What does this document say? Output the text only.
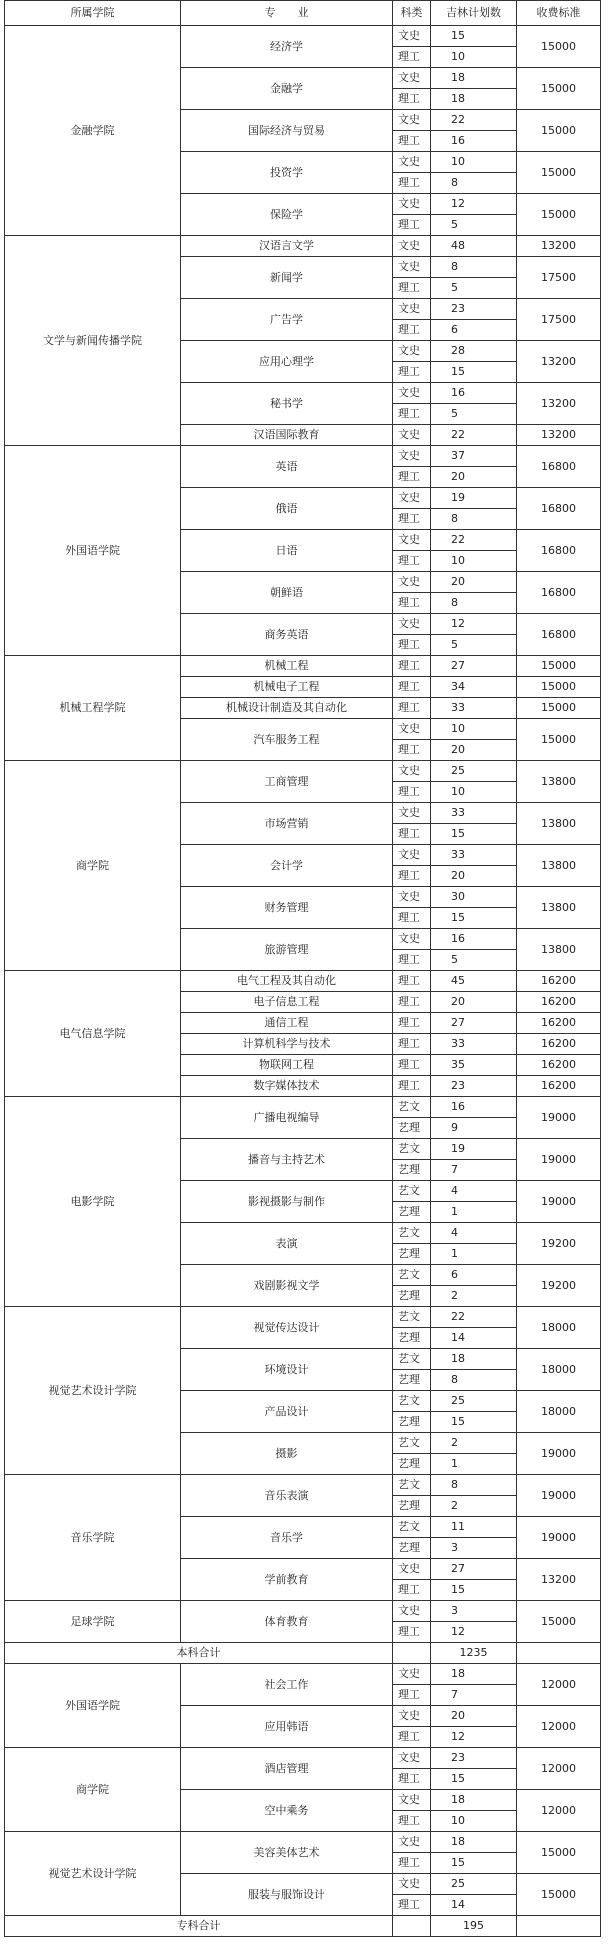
所属学院	专　　业	科类	吉林计划数	收费标准
金融学院	经济学	文史	15	15000
		理工	10	
	金融学	文史	18	15000
		理工	18	
	国际经济与贸易	文史	22	15000
		理工	16	
	投资学	文史	10	15000
		理工	8	
	保险学	文史	12	15000
		理工	5	
文学与新闻传播学院	汉语言文学	文史	48	13200
	新闻学	文史	8	17500
		理工	5	
	广告学	文史	23	17500
		理工	6	
	应用心理学	文史	28	13200
		理工	15	
	秘书学	文史	16	13200
		理工	5	
	汉语国际教育	文史	22	13200
外国语学院	英语	文史	37	16800
		理工	20	
	俄语	文史	19	16800
		理工	8	
	日语	文史	22	16800
		理工	10	
	朝鲜语	文史	20	16800
		理工	8	
	商务英语	文史	12	16800
		理工	5	
机械工程学院	机械工程	理工	27	15000
	机械电子工程	理工	34	15000
	机械设计制造及其自动化	理工	33	15000
	汽车服务工程	文史	10	15000
		理工	20	
商学院	工商管理	文史	25	13800
		理工	10	
	市场营销	文史	33	13800
		理工	15	
	会计学	文史	33	13800
		理工	20	
	财务管理	文史	30	13800
		理工	15	
	旅游管理	文史	16	13800
		理工	5	
电气信息学院	电气工程及其自动化	理工	45	16200
	电子信息工程	理工	20	16200
	通信工程	理工	27	16200
	计算机科学与技术	理工	33	16200
	物联网工程	理工	35	16200
	数字媒体技术	理工	23	16200
电影学院	广播电视编导	艺文	16	19000
		艺理	9	
	播音与主持艺术	艺文	19	19000
		艺理	7	
	影视摄影与制作	艺文	4	19000
		艺理	1	
	表演	艺文	4	19200
		艺理	1	
	戏剧影视文学	艺文	6	19200
		艺理	2	
视觉艺术设计学院	视觉传达设计	艺文	22	18000
		艺理	14	
	环境设计	艺文	18	18000
		艺理	8	
	产品设计	艺文	25	18000
		艺理	15	
	摄影	艺文	2	19000
		艺理	1	
音乐学院	音乐表演	艺文	8	19000
		艺理	2	
	音乐学	艺文	11	19000
		艺理	3	
	学前教育	文史	27	13200
		理工	15	
足球学院	体育教育	文史	3	15000
		理工	12	
本科合计			1235	
外国语学院	社会工作	文史	18	12000
		理工	7	
	应用韩语	文史	20	12000
		理工	12	
商学院	酒店管理	文史	23	12000
		理工	15	
	空中乘务	文史	18	12000
		理工	10	
视觉艺术设计学院	美容美体艺术	文史	18	15000
		理工	15	
	服装与服饰设计	文史	25	15000
		理工	14	
专科合计			195	
